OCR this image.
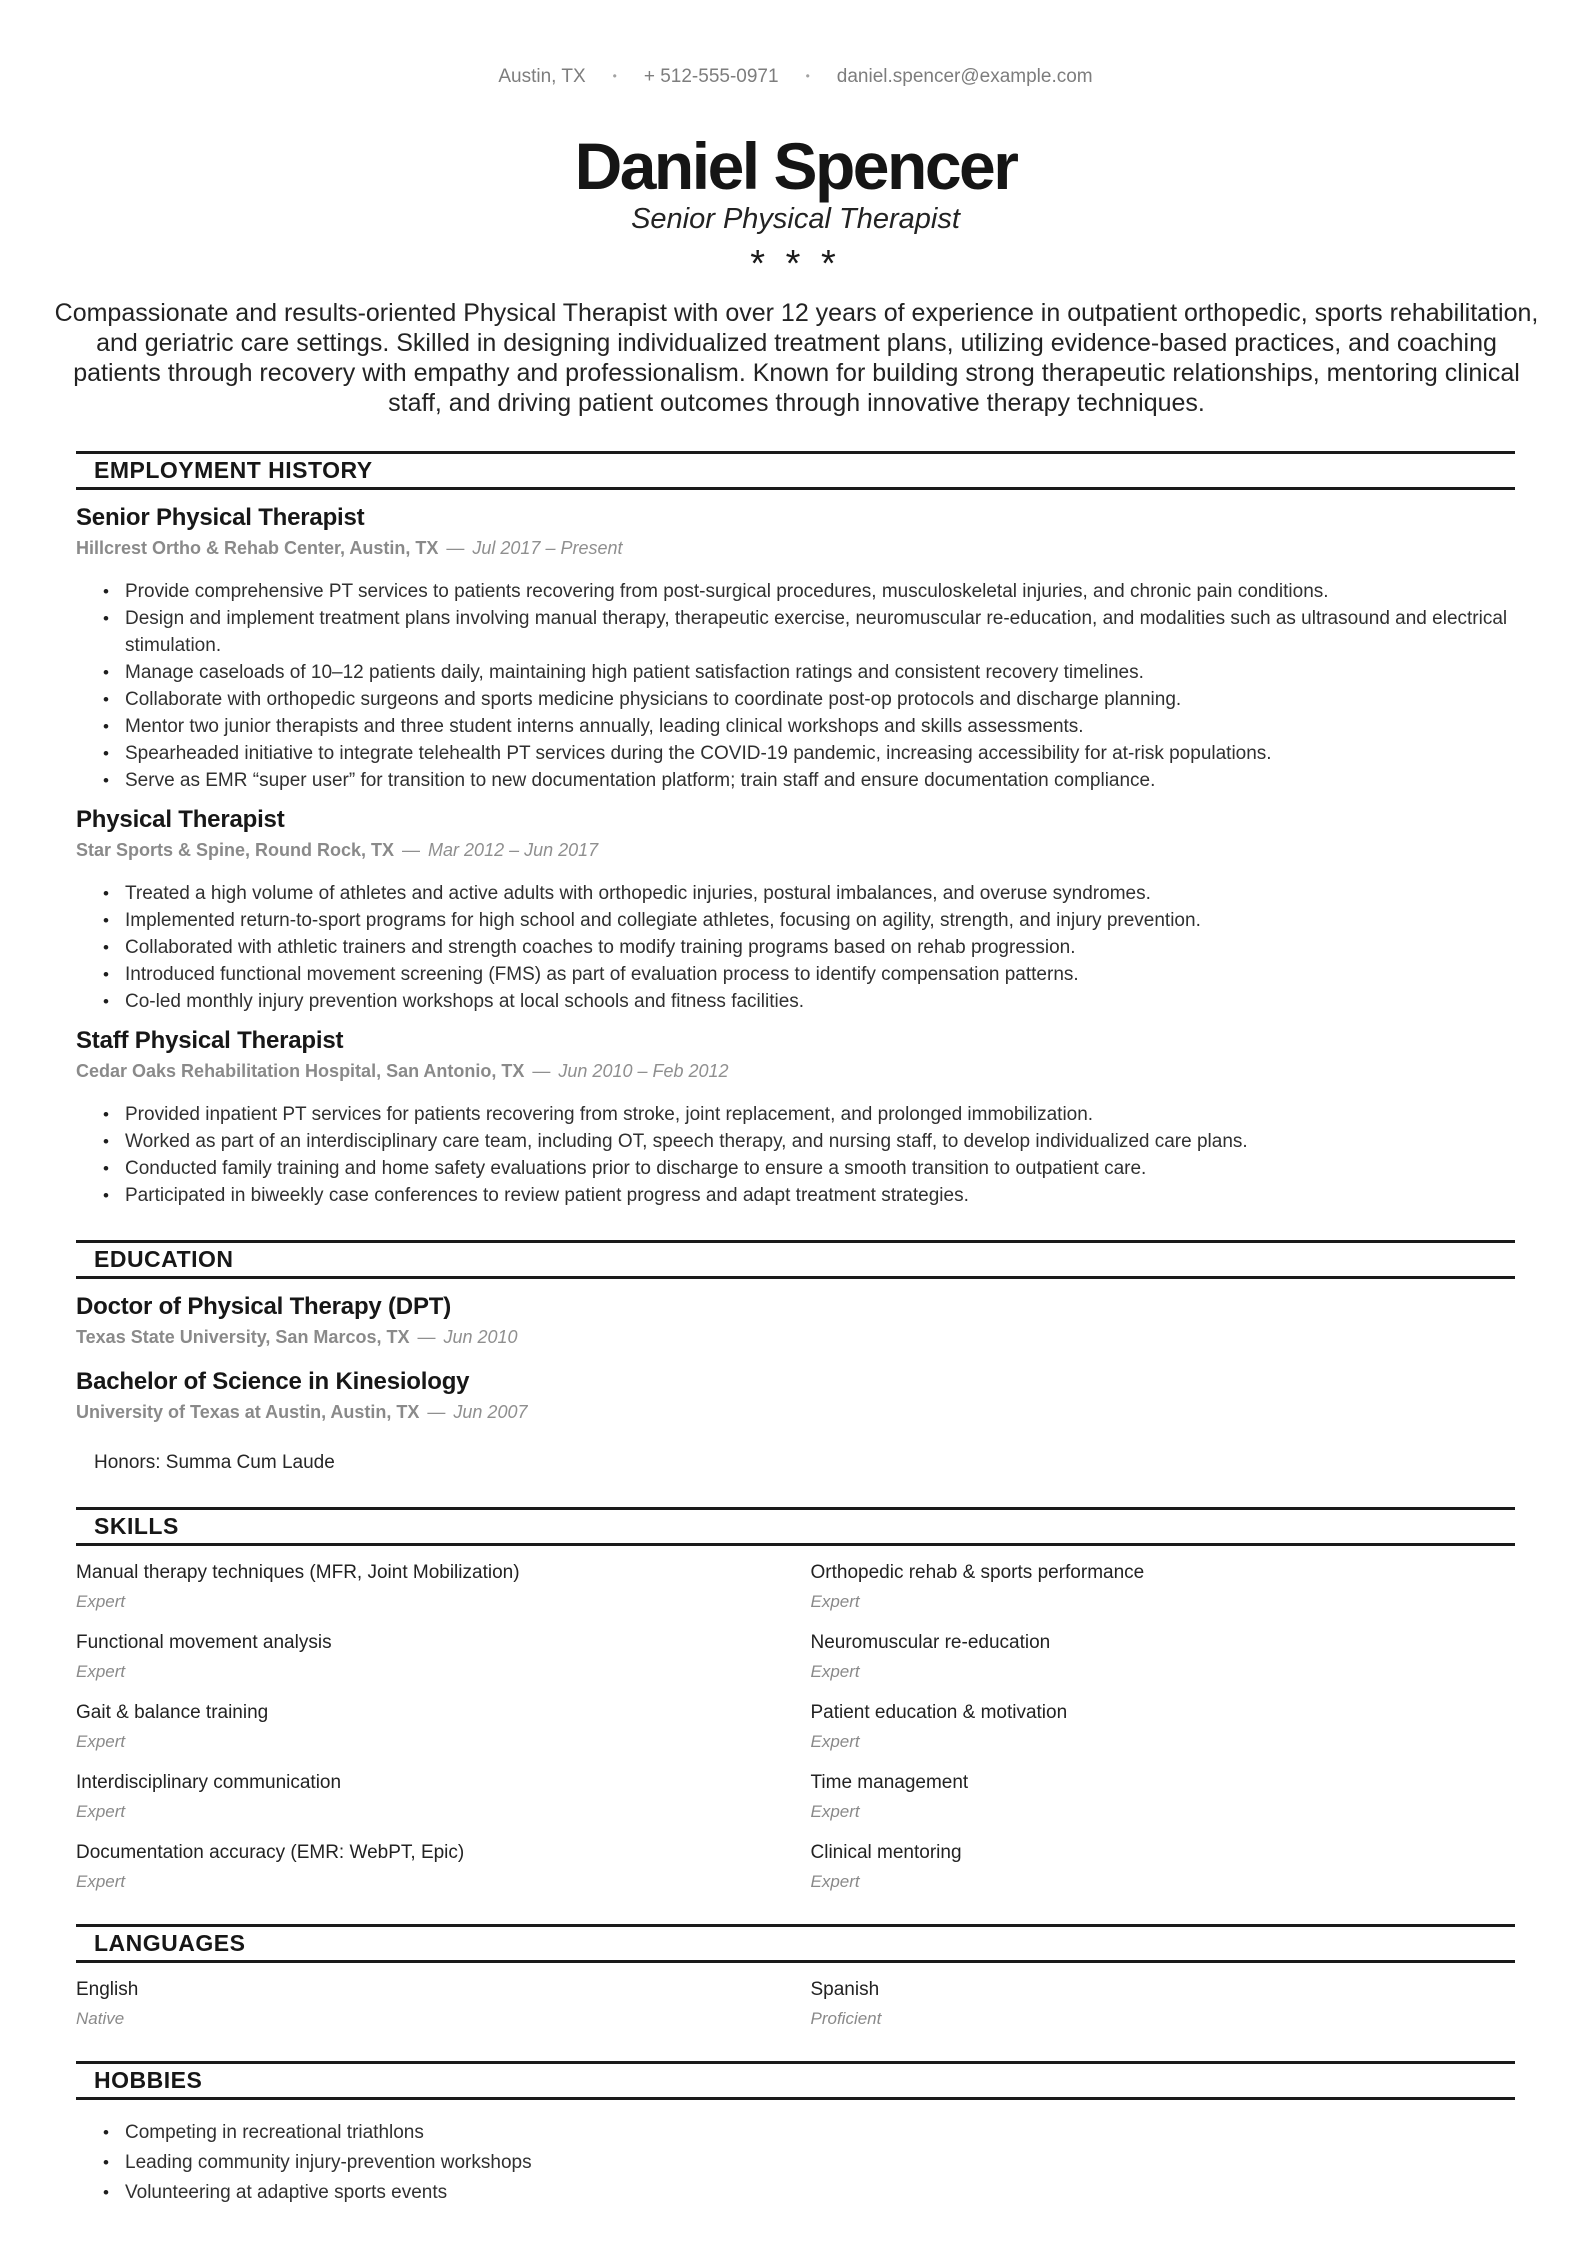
Austin, TX • + 512-555-0971 • daniel.spencer@example.com
Daniel Spencer
Senior Physical Therapist
* * *

Compassionate and results-oriented Physical Therapist with over 12 years of experience in outpatient orthopedic, sports rehabilitation, and geriatric care settings. Skilled in designing individualized treatment plans, utilizing evidence-based practices, and coaching patients through recovery with empathy and professionalism. Known for building strong therapeutic relationships, mentoring clinical staff, and driving patient outcomes through innovative therapy techniques.

EMPLOYMENT HISTORY
Senior Physical Therapist

Hillcrest Ortho & Rehab Center, Austin, TX — Jul 2017 – Present

• Provide comprehensive PT services to patients recovering from post-surgical procedures, musculoskeletal injuries, and chronic pain conditions.
• Design and implement treatment plans involving manual therapy, therapeutic exercise, neuromuscular re-education, and modalities such as ultrasound and electrical stimulation.
• Manage caseloads of 10–12 patients daily, maintaining high patient satisfaction ratings and consistent recovery timelines.
• Collaborate with orthopedic surgeons and sports medicine physicians to coordinate post-op protocols and discharge planning.
• Mentor two junior therapists and three student interns annually, leading clinical workshops and skills assessments.
• Spearheaded initiative to integrate telehealth PT services during the COVID-19 pandemic, increasing accessibility for at-risk populations.
• Serve as EMR “super user” for transition to new documentation platform; train staff and ensure documentation compliance.
Physical Therapist

Star Sports & Spine, Round Rock, TX — Mar 2012 – Jun 2017

• Treated a high volume of athletes and active adults with orthopedic injuries, postural imbalances, and overuse syndromes.
• Implemented return-to-sport programs for high school and collegiate athletes, focusing on agility, strength, and injury prevention.
• Collaborated with athletic trainers and strength coaches to modify training programs based on rehab progression.
• Introduced functional movement screening (FMS) as part of evaluation process to identify compensation patterns.
• Co-led monthly injury prevention workshops at local schools and fitness facilities.
Staff Physical Therapist

Cedar Oaks Rehabilitation Hospital, San Antonio, TX — Jun 2010 – Feb 2012

• Provided inpatient PT services for patients recovering from stroke, joint replacement, and prolonged immobilization.
• Worked as part of an interdisciplinary care team, including OT, speech therapy, and nursing staff, to develop individualized care plans.
• Conducted family training and home safety evaluations prior to discharge to ensure a smooth transition to outpatient care.
• Participated in biweekly case conferences to review patient progress and adapt treatment strategies.
EDUCATION
Doctor of Physical Therapy (DPT)

Texas State University, San Marcos, TX — Jun 2010

Bachelor of Science in Kinesiology

University of Texas at Austin, Austin, TX — Jun 2007

Honors: Summa Cum Laude
SKILLS
Manual therapy techniques (MFR, Joint Mobilization)
Expert
Orthopedic rehab & sports performance
Expert
Functional movement analysis
Expert
Neuromuscular re-education
Expert
Gait & balance training
Expert
Patient education & motivation
Expert
Interdisciplinary communication
Expert
Time management
Expert
Documentation accuracy (EMR: WebPT, Epic)
Expert
Clinical mentoring
Expert
LANGUAGES
English
Native
Spanish
Proficient
HOBBIES
• Competing in recreational triathlons
• Leading community injury-prevention workshops
• Volunteering at adaptive sports events
